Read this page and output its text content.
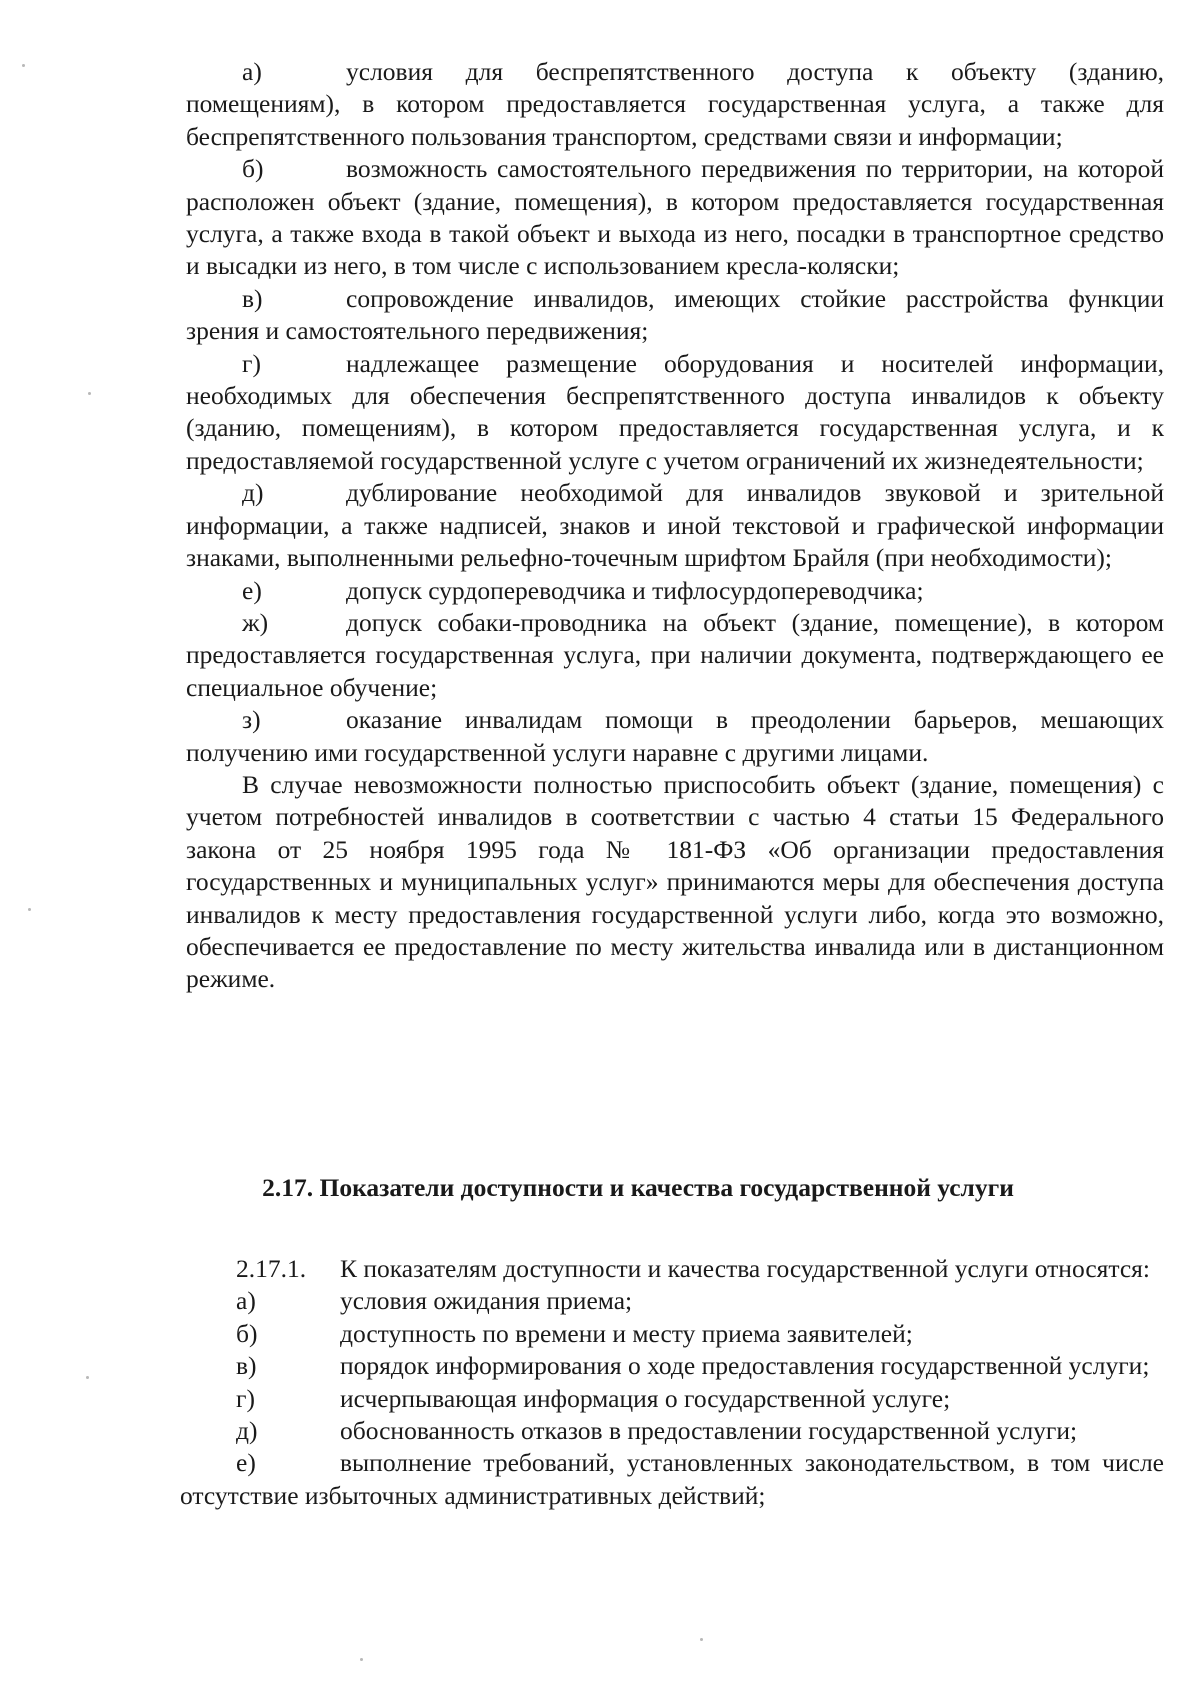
а)	условия для беспрепятственного доступа к объекту (зданию, помещениям), в котором предоставляется государственная услуга, а также для беспрепятственного пользования транспортом, средствами связи и информации;

б)	возможность самостоятельного передвижения по территории, на которой расположен объект (здание, помещения), в котором предоставляется государственная услуга, а также входа в такой объект и выхода из него, посадки в транспортное средство и высадки из него, в том числе с использованием кресла-коляски;

в)	сопровождение инвалидов, имеющих стойкие расстройства функции зрения и самостоятельного передвижения;

г)	надлежащее размещение оборудования и носителей информации, необходимых для обеспечения беспрепятственного доступа инвалидов к объекту (зданию, помещениям), в котором предоставляется государственная услуга, и к предоставляемой государственной услуге с учетом ограничений их жизнедеятельности;

д)	дублирование необходимой для инвалидов звуковой и зрительной информации, а также надписей, знаков и иной текстовой и графической информации знаками, выполненными рельефно-точечным шрифтом Брайля (при необходимости);

е)	допуск сурдопереводчика и тифлосурдопереводчика;

ж)	допуск собаки-проводника на объект (здание, помещение), в котором предоставляется государственная услуга, при наличии документа, подтверждающего ее специальное обучение;

з)	оказание инвалидам помощи в преодолении барьеров, мешающих получению ими государственной услуги наравне с другими лицами.

В случае невозможности полностью приспособить объект (здание, помещения) с учетом потребностей инвалидов в соответствии с частью 4 статьи 15 Федерального закона от 25 ноября 1995 года № 181-ФЗ «Об организации предоставления государственных и муниципальных услуг» принимаются меры для обеспечения доступа инвалидов к месту предоставления государственной услуги либо, когда это возможно, обеспечивается ее предоставление по месту жительства инвалида или в дистанционном режиме.

2.17. Показатели доступности и качества государственной услуги

2.17.1. К показателям доступности и качества государственной услуги относятся:

а)	условия ожидания приема;

б)	доступность по времени и месту приема заявителей;

в)	порядок информирования о ходе предоставления государственной услуги;

г)	исчерпывающая информация о государственной услуге;

д)	обоснованность отказов в предоставлении государственной услуги;

е)	выполнение требований, установленных законодательством, в том числе отсутствие избыточных административных действий;
